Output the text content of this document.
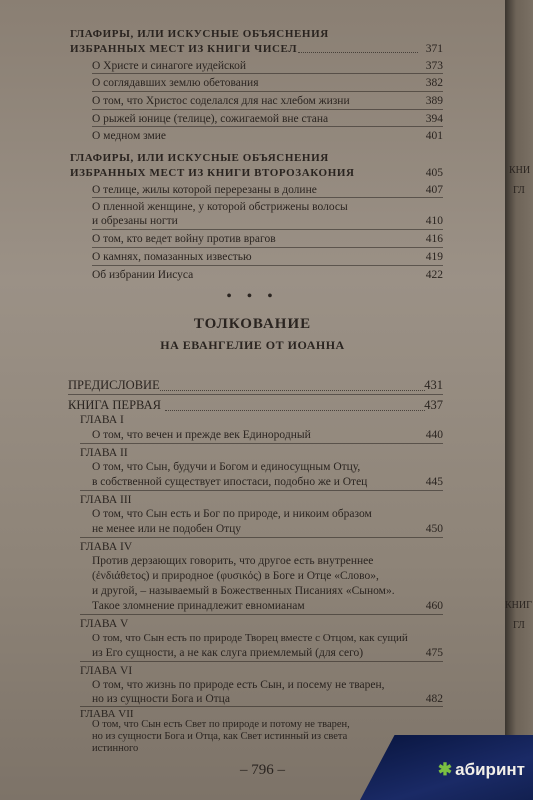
ГЛАФИРЫ, ИЛИ ИСКУСНЫЕ ОБЪЯСНЕНИЯ
ИЗБРАННЫХ МЕСТ ИЗ КНИГИ ЧИСЕЛ	371
О Христе и синагоге иудейской	373
О соглядавших землю обетования	382
О том, что Христос соделался для нас хлебом жизни	389
О рыжей юнице (телице), сожигаемой вне стана	394
О медном змие	401
ГЛАФИРЫ, ИЛИ ИСКУСНЫЕ ОБЪЯСНЕНИЯ
ИЗБРАННЫХ МЕСТ ИЗ КНИГИ ВТОРОЗАКОНИЯ	405
О телице, жилы которой перерезаны в долине	407
О пленной женщине, у которой обстрижены волосы
и обрезаны ногти	410
О том, кто ведет войну против врагов	416
О камнях, помазанных известью	419
Об избрании Иисуса	422
• • •
ТОЛКОВАНИЕ
НА ЕВАНГЕЛИЕ ОТ ИОАННА
ПРЕДИСЛОВИЕ	431
КНИГА ПЕРВАЯ	437
ГЛАВА I
О том, что вечен и прежде век Единородный	440
ГЛАВА II
О том, что Сын, будучи и Богом и единосущным Отцу,
в собственной существует ипостаси, подобно же и Отец	445
ГЛАВА III
О том, что Сын есть и Бог по природе, и никоим образом
не менее или не подобен Отцу	450
ГЛАВА IV
Против дерзающих говорить, что другое есть внутреннее
(ἐνδιάθετος) и природное (φυσικός) в Боге и Отце «Слово»,
и другой, – называемый в Божественных Писаниях «Сыном».
Такое зломнение принадлежит евномианам	460
ГЛАВА V
О том, что Сын есть по природе Творец вместе с Отцом, как сущий
из Его сущности, а не как слуга приемлемый (для сего)	475
ГЛАВА VI
О том, что жизнь по природе есть Сын, и посему не тварен,
но из сущности Бога и Отца	482
ГЛАВА VII
О том, что Сын есть Свет по природе и потому не тварен,
но из сущности Бога и Отца, как Свет истинный из света
истинного
– 796 –
КНИ
ГЛ
КНИГ
ГЛ
✱ абиринт
